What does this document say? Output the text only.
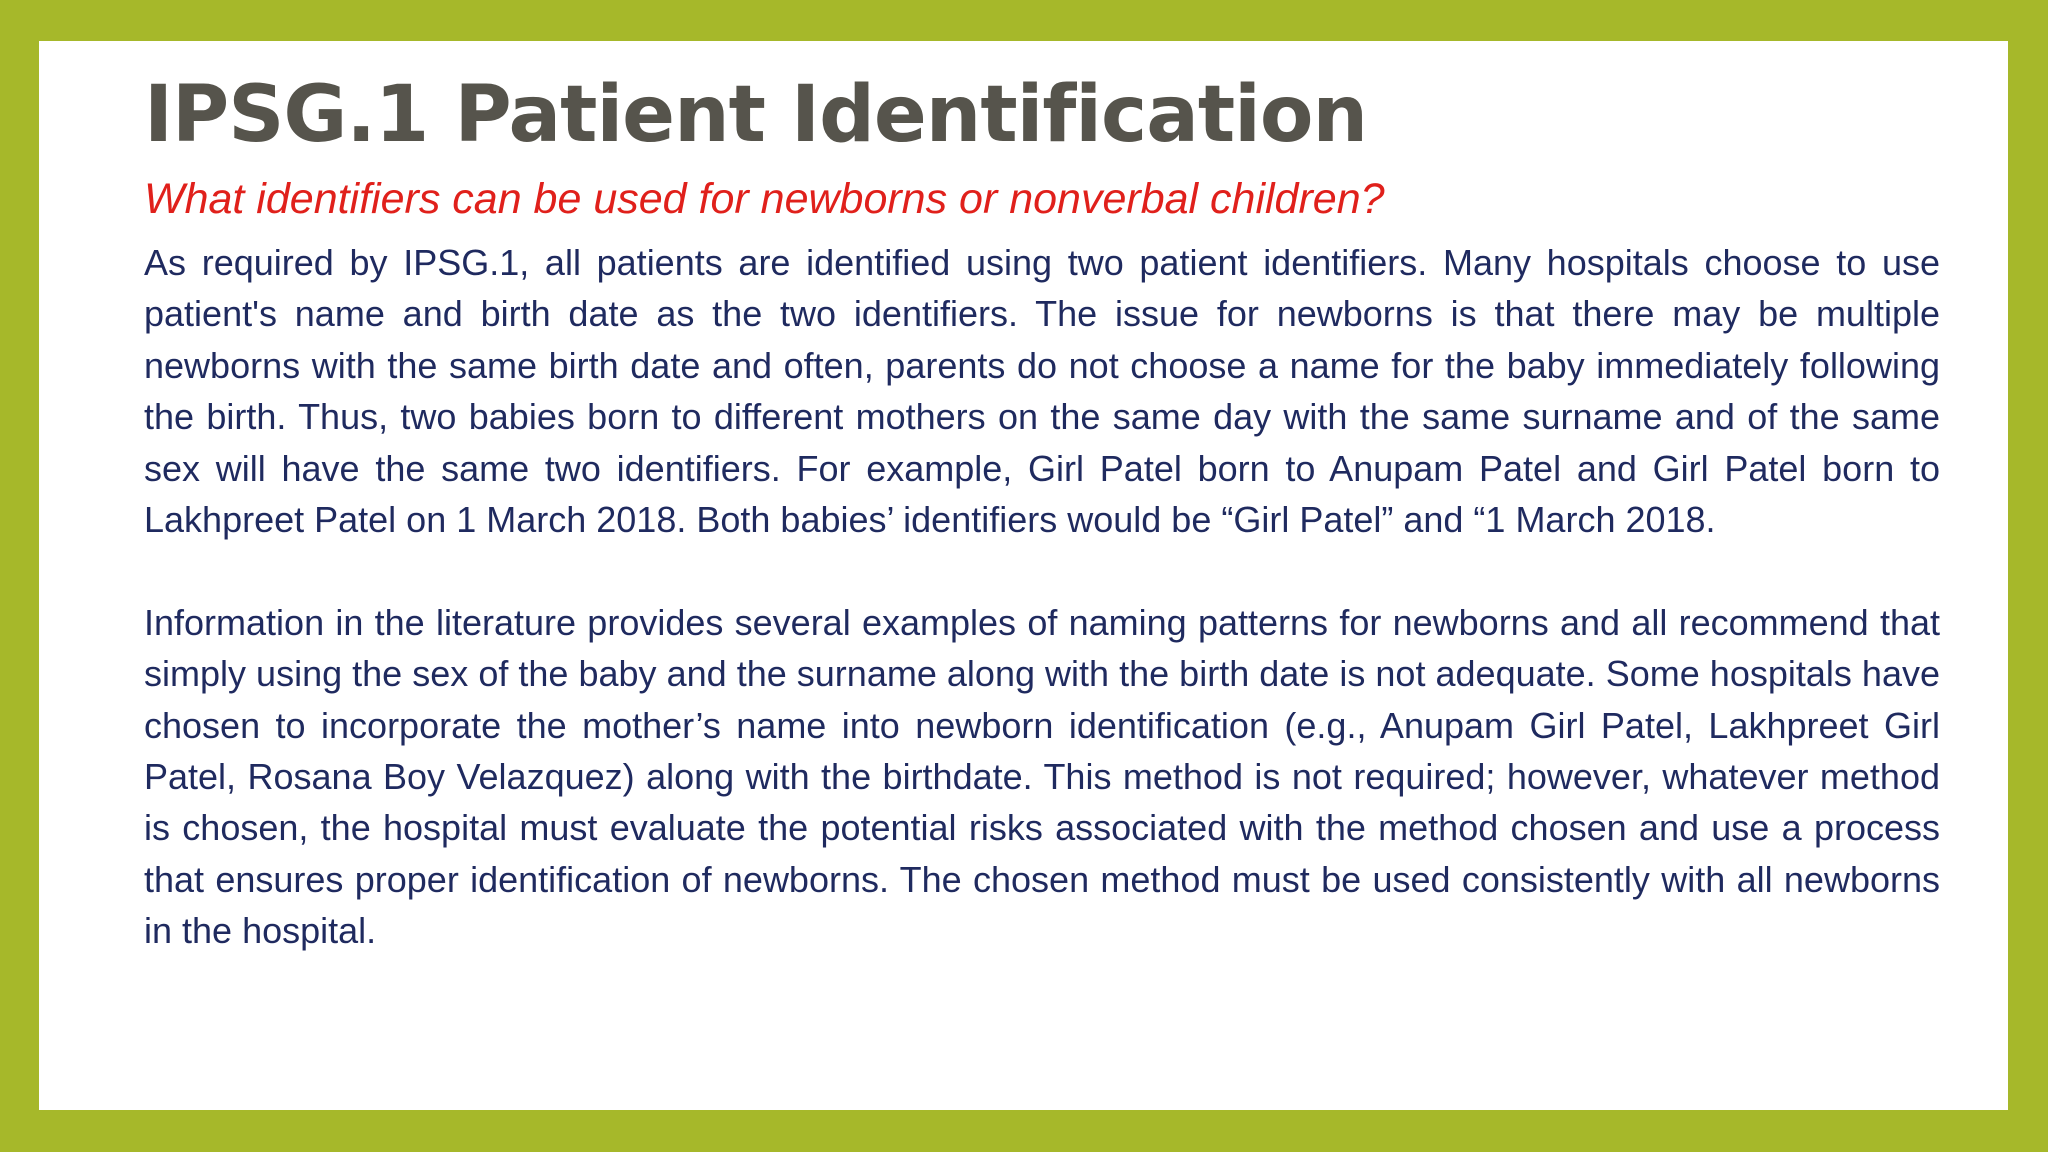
IPSG.1 Patient Identification
What identifiers can be used for newborns or nonverbal children?

As required by IPSG.1, all patients are identified using two patient identifiers. Many hospitals choose to use patient's name and birth date as the two identifiers. The issue for newborns is that there may be multiple newborns with the same birth date and often, parents do not choose a name for the baby immediately following the birth. Thus, two babies born to different mothers on the same day with the same surname and of the same sex will have the same two identifiers. For example, Girl Patel born to Anupam Patel and Girl Patel born to Lakhpreet Patel on 1 March 2018. Both babies’ identifiers would be “Girl Patel” and “1 March 2018.

Information in the literature provides several examples of naming patterns for newborns and all recommend that simply using the sex of the baby and the surname along with the birth date is not adequate. Some hospitals have chosen to incorporate the mother’s name into newborn identification (e.g., Anupam Girl Patel, Lakhpreet Girl Patel, Rosana Boy Velazquez) along with the birthdate. This method is not required; however, whatever method is chosen, the hospital must evaluate the potential risks associated with the method chosen and use a process that ensures proper identification of newborns. The chosen method must be used consistently with all newborns in the hospital.
